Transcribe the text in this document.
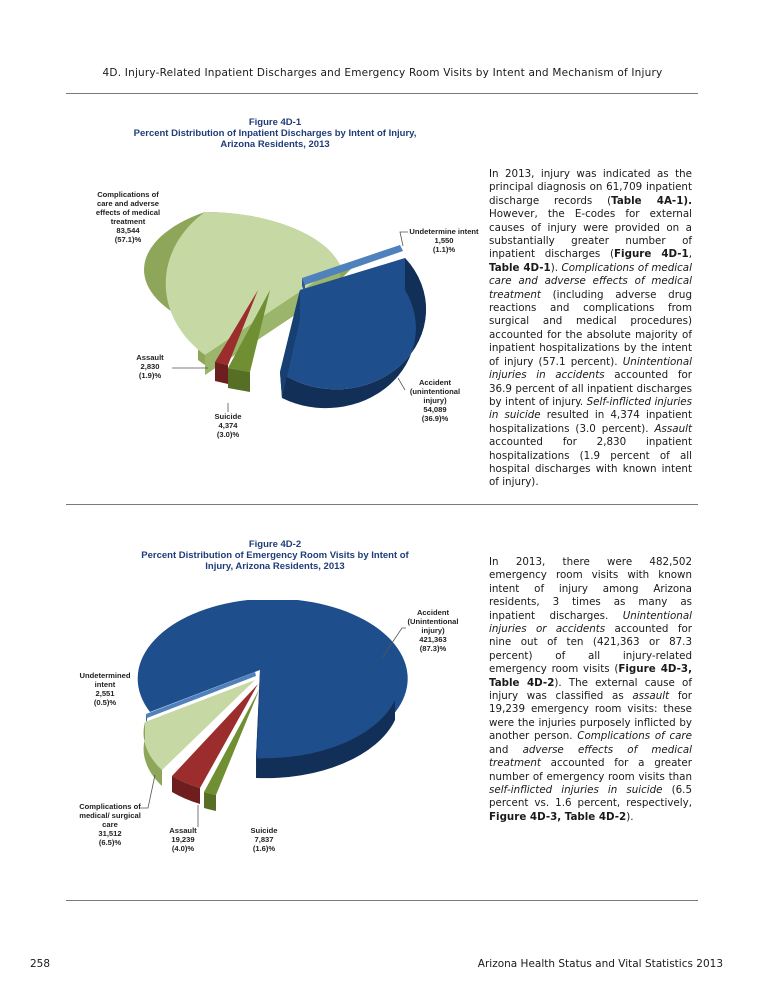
4D. Injury-Related Inpatient Discharges and Emergency Room Visits by Intent and Mechanism of Injury
Figure 4D-1
Percent Distribution of Inpatient Discharges by Intent of Injury,
Arizona Residents, 2013
Complications of
care and adverse
effects of medical
treatment
83,544
(57.1)%
Undetermine intent
1,550
(1.1)%
Assault
2,830
(1.9)%
Suicide
4,374
(3.0)%
Accident
(unintentional
injury)
54,089
(36.9)%
In 2013, injury was indicated as the principal diagnosis on 61,709 inpatient discharge records (Table 4A-1). However, the E-codes for external causes of injury were provided on a substantially greater number of inpatient discharges (Figure 4D-1, Table 4D-1). Complications of medical care and adverse effects of medical treatment (including adverse drug reactions and complications from surgical and medical procedures) accounted for the absolute majority of inpatient hospitalizations by the intent of injury (57.1 percent). Unintentional injuries in accidents accounted for 36.9 percent of all inpatient discharges by intent of injury. Self-inflicted injuries in suicide resulted in 4,374 inpatient hospitalizations (3.0 percent). Assault accounted for 2,830 inpatient hospitalizations (1.9 percent of all hospital discharges with known intent of injury).
Figure 4D-2
Percent Distribution of Emergency Room Visits by Intent of
Injury, Arizona Residents, 2013
Accident
(Unintentional
injury)
421,363
(87.3)%
Undetermined
intent
2,551
(0.5)%
Complications of
medical/ surgical
care
31,512
(6.5)%
Assault
19,239
(4.0)%
Suicide
7,837
(1.6)%
In 2013, there were 482,502 emergency room visits with known intent of injury among Arizona residents, 3 times as many as inpatient discharges. Unintentional injuries or accidents accounted for nine out of ten (421,363 or 87.3 percent) of all injury-related emergency room visits (Figure 4D-3, Table 4D-2). The external cause of injury was classified as assault for 19,239 emergency room visits: these were the injuries purposely inflicted by another person. Complications of care and adverse effects of medical treatment accounted for a greater number of emergency room visits than self-inflicted injuries in suicide (6.5 percent vs. 1.6 percent, respectively, Figure 4D-3, Table 4D-2).
258	Arizona Health Status and Vital Statistics 2013
